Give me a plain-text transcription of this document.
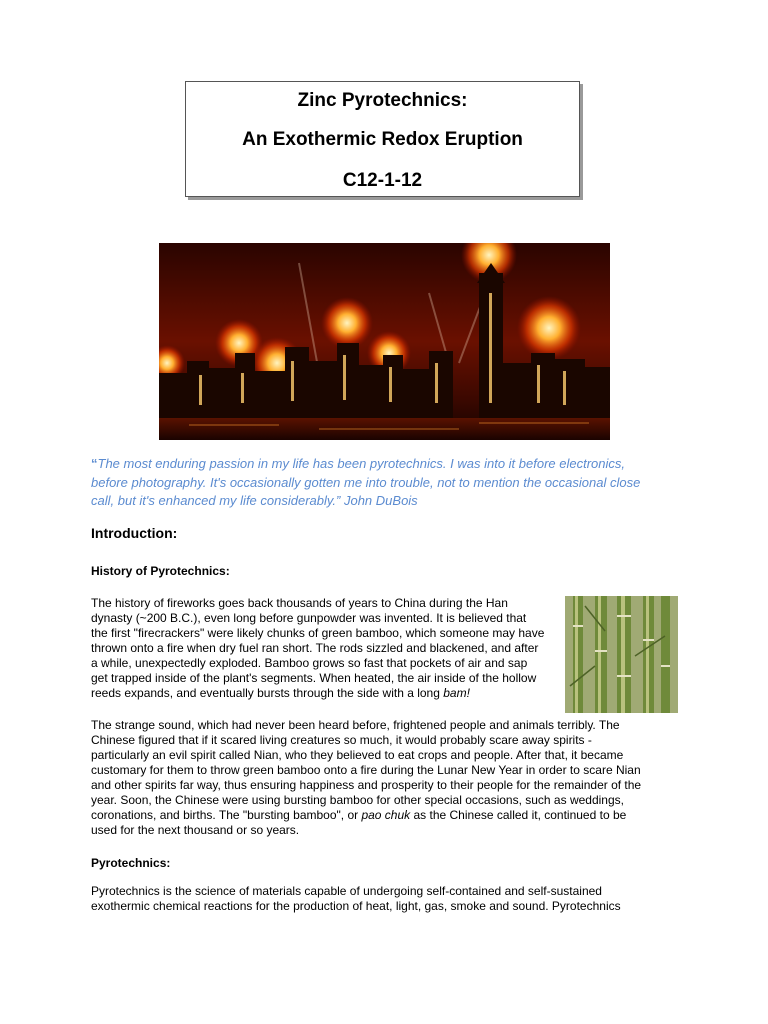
Zinc Pyrotechnics:
An Exothermic Redox Eruption
C12-1-12
“The most enduring passion in my life has been pyrotechnics. I was into it before electronics,
before photography. It's occasionally gotten me into trouble, not to mention the occasional close
call, but it's enhanced my life considerably.” John DuBois
Introduction:
History of Pyrotechnics:
The history of fireworks goes back thousands of years to China during the Han
dynasty (~200 B.C.), even long before gunpowder was invented. It is believed that
the first "firecrackers" were likely chunks of green bamboo, which someone may have
thrown onto a fire when dry fuel ran short. The rods sizzled and blackened, and after
a while, unexpectedly exploded. Bamboo grows so fast that pockets of air and sap
get trapped inside of the plant's segments. When heated, the air inside of the hollow
reeds expands, and eventually bursts through the side with a long bam!
The strange sound, which had never been heard before, frightened people and animals terribly. The
Chinese figured that if it scared living creatures so much, it would probably scare away spirits -
particularly an evil spirit called Nian, who they believed to eat crops and people. After that, it became
customary for them to throw green bamboo onto a fire during the Lunar New Year in order to scare Nian
and other spirits far way, thus ensuring happiness and prosperity to their people for the remainder of the
year. Soon, the Chinese were using bursting bamboo for other special occasions, such as weddings,
coronations, and births. The "bursting bamboo", or pao chuk as the Chinese called it, continued to be
used for the next thousand or so years.
Pyrotechnics:
Pyrotechnics is the science of materials capable of undergoing self-contained and self-sustained
exothermic chemical reactions for the production of heat, light, gas, smoke and sound. Pyrotechnics
